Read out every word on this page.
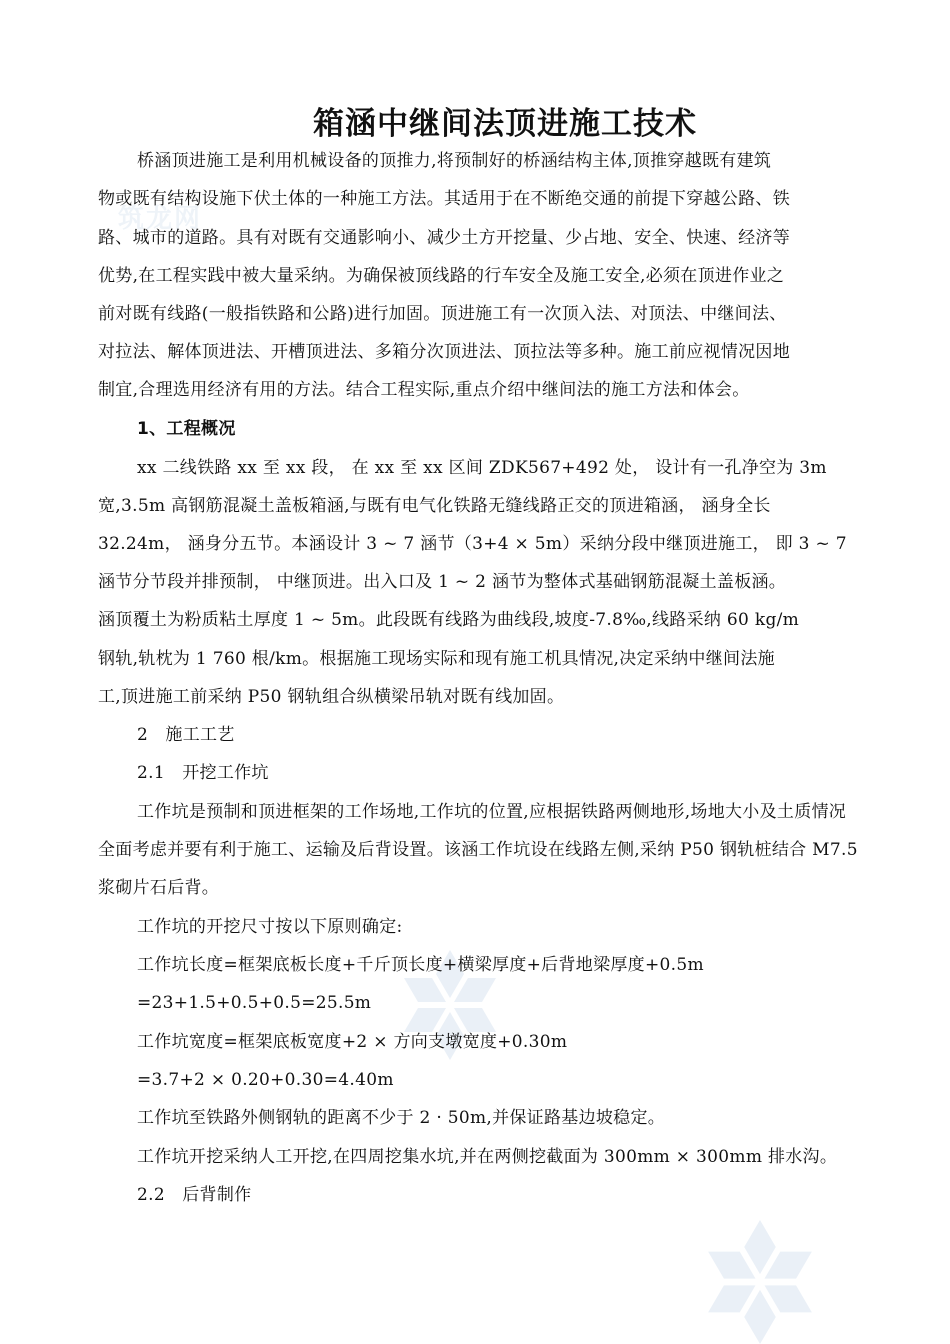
筑龙网
箱涵中继间法顶进施工技术

桥涵顶进施工是利用机械设备的顶推力,将预制好的桥涵结构主体,顶推穿越既有建筑

物或既有结构设施下伏土体的一种施工方法。其适用于在不断绝交通的前提下穿越公路、铁

路、城市的道路。具有对既有交通影响小、减少土方开挖量、少占地、安全、快速、经济等

优势,在工程实践中被大量采纳。为确保被顶线路的行车安全及施工安全,必须在顶进作业之

前对既有线路(一般指铁路和公路)进行加固。顶进施工有一次顶入法、对顶法、中继间法、

对拉法、解体顶进法、开槽顶进法、多箱分次顶进法、顶拉法等多种。施工前应视情况因地

制宜,合理选用经济有用的方法。结合工程实际,重点介绍中继间法的施工方法和体会。

1、工程概况

xx 二线铁路 xx 至 xx 段， 在 xx 至 xx 区间 ZDK567+492 处， 设计有一孔净空为 3m

宽,3.5m 高钢筋混凝土盖板箱涵,与既有电气化铁路无缝线路正交的顶进箱涵， 涵身全长

32.24m， 涵身分五节。本涵设计 3 ~ 7 涵节（3+4 × 5m）采纳分段中继顶进施工， 即 3 ~ 7

涵节分节段并排预制， 中继顶进。出入口及 1 ~ 2 涵节为整体式基础钢筋混凝土盖板涵。

涵顶覆土为粉质粘土厚度 1 ~ 5m。此段既有线路为曲线段,坡度-7.8‰,线路采纳 60 kg/m

钢轨,轨枕为 1 760 根/km。根据施工现场实际和现有施工机具情况,决定采纳中继间法施

工,顶进施工前采纳 P50 钢轨组合纵横梁吊轨对既有线加固。

2　施工工艺

2.1　开挖工作坑

工作坑是预制和顶进框架的工作场地,工作坑的位置,应根据铁路两侧地形,场地大小及土质情况

全面考虑并要有利于施工、运输及后背设置。该涵工作坑设在线路左侧,采纳 P50 钢轨桩结合 M7.5

浆砌片石后背。

工作坑的开挖尺寸按以下原则确定:

工作坑长度=框架底板长度+千斤顶长度+横梁厚度+后背地梁厚度+0.5m

=23+1.5+0.5+0.5=25.5m

工作坑宽度=框架底板宽度+2 × 方向支墩宽度+0.30m

=3.7+2 × 0.20+0.30=4.40m

工作坑至铁路外侧钢轨的距离不少于 2 · 50m,并保证路基边坡稳定。

工作坑开挖采纳人工开挖,在四周挖集水坑,并在两侧挖截面为 300mm × 300mm 排水沟。

2.2　后背制作
